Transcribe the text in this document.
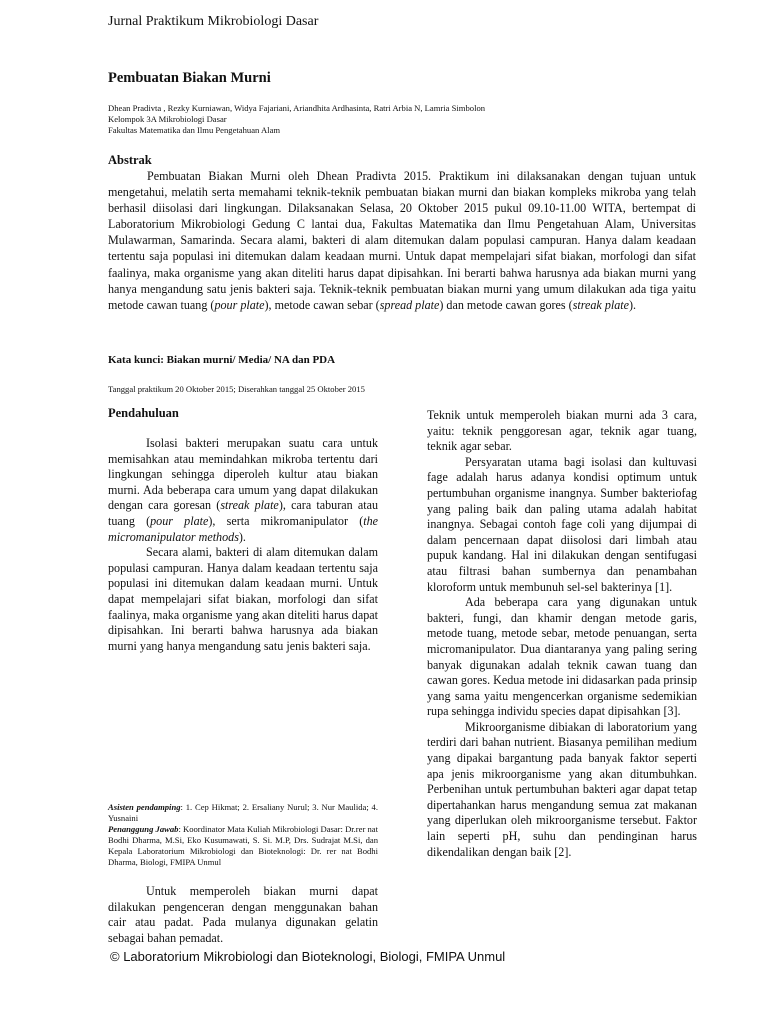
Jurnal Praktikum Mikrobiologi Dasar
Pembuatan Biakan Murni
Dhean Pradivta , Rezky Kurniawan, Widya Fajariani, Ariandhita Ardhasinta, Ratri Arbia N, Lamria Simbolon
Kelompok 3A Mikrobiologi Dasar
Fakultas Matematika dan Ilmu Pengetahuan Alam
Abstrak
Pembuatan Biakan Murni oleh Dhean Pradivta 2015. Praktikum ini dilaksanakan dengan tujuan untuk mengetahui, melatih serta memahami teknik-teknik pembuatan biakan murni dan biakan kompleks mikroba yang telah berhasil diisolasi dari lingkungan. Dilaksanakan Selasa, 20 Oktober 2015 pukul 09.10-11.00 WITA, bertempat di Laboratorium Mikrobiologi Gedung C lantai dua, Fakultas Matematika dan Ilmu Pengetahuan Alam, Universitas Mulawarman, Samarinda. Secara alami, bakteri di alam ditemukan dalam populasi campuran. Hanya dalam keadaan tertentu saja populasi ini ditemukan dalam keadaan murni. Untuk dapat mempelajari sifat biakan, morfologi dan sifat faalinya, maka organisme yang akan diteliti harus dapat dipisahkan. Ini berarti bahwa harusnya ada biakan murni yang hanya mengandung satu jenis bakteri saja. Teknik-teknik pembuatan biakan murni yang umum dilakukan ada tiga yaitu metode cawan tuang (pour plate), metode cawan sebar (spread plate) dan metode cawan gores (streak plate).
Kata kunci: Biakan murni/ Media/ NA dan PDA
Tanggal praktikum 20 Oktober 2015; Diserahkan tanggal 25 Oktober 2015
Pendahuluan

Isolasi bakteri merupakan suatu cara untuk memisahkan atau memindahkan mikroba tertentu dari lingkungan sehingga diperoleh kultur atau biakan murni. Ada beberapa cara umum yang dapat dilakukan dengan cara goresan (streak plate), cara taburan atau tuang (pour plate), serta mikromanipulator (the micromanipulator methods).

Secara alami, bakteri di alam ditemukan dalam populasi campuran. Hanya dalam keadaan tertentu saja populasi ini ditemukan dalam keadaan murni. Untuk dapat mempelajari sifat biakan, morfologi dan sifat faalinya, maka organisme yang akan diteliti harus dapat dipisahkan. Ini berarti bahwa harusnya ada biakan murni yang hanya mengandung satu jenis bakteri saja.

Asisten pendamping: 1. Cep Hikmat; 2. Ersaliany Nurul; 3. Nur Maulida; 4. Yusnaini
Penanggung Jawab: Koordinator Mata Kuliah Mikrobiologi Dasar: Dr.rer nat Bodhi Dharma, M.Si, Eko Kusumawati, S. Si. M.P, Drs. Sudrajat M.Si, dan Kepala Laboratorium Mikrobiologi dan Bioteknologi: Dr. rer nat Bodhi Dharma, Biologi, FMIPA Unmul

Untuk memperoleh biakan murni dapat dilakukan pengenceran dengan menggunakan bahan cair atau padat. Pada mulanya digunakan gelatin sebagai bahan pemadat.

Teknik untuk memperoleh biakan murni ada 3 cara, yaitu: teknik penggoresan agar, teknik agar tuang, teknik agar sebar.

Persyaratan utama bagi isolasi dan kultuvasi fage adalah harus adanya kondisi optimum untuk pertumbuhan organisme inangnya. Sumber bakteriofag yang paling baik dan paling utama adalah habitat inangnya. Sebagai contoh fage coli yang dijumpai di dalam pencernaan dapat diisolosi dari limbah atau pupuk kandang. Hal ini dilakukan dengan sentifugasi atau filtrasi bahan sumbernya dan penambahan kloroform untuk membunuh sel-sel bakterinya [1].

Ada beberapa cara yang digunakan untuk bakteri, fungi, dan khamir dengan metode garis, metode tuang, metode sebar, metode penuangan, serta micromanipulator. Dua diantaranya yang paling sering banyak digunakan adalah teknik cawan tuang dan cawan gores. Kedua metode ini didasarkan pada prinsip yang sama yaitu mengencerkan organisme sedemikian rupa sehingga individu species dapat dipisahkan [3].

Mikroorganisme dibiakan di laboratorium yang terdiri dari bahan nutrient. Biasanya pemilihan medium yang dipakai bargantung pada banyak faktor seperti apa jenis mikroorganisme yang akan ditumbuhkan. Perbenihan untuk pertumbuhan bakteri agar dapat tetap dipertahankan harus mengandung semua zat makanan yang diperlukan oleh mikroorganisme tersebut. Faktor lain seperti pH, suhu dan pendinginan harus dikendalikan dengan baik [2].

© Laboratorium Mikrobiologi dan Bioteknologi, Biologi, FMIPA Unmul
